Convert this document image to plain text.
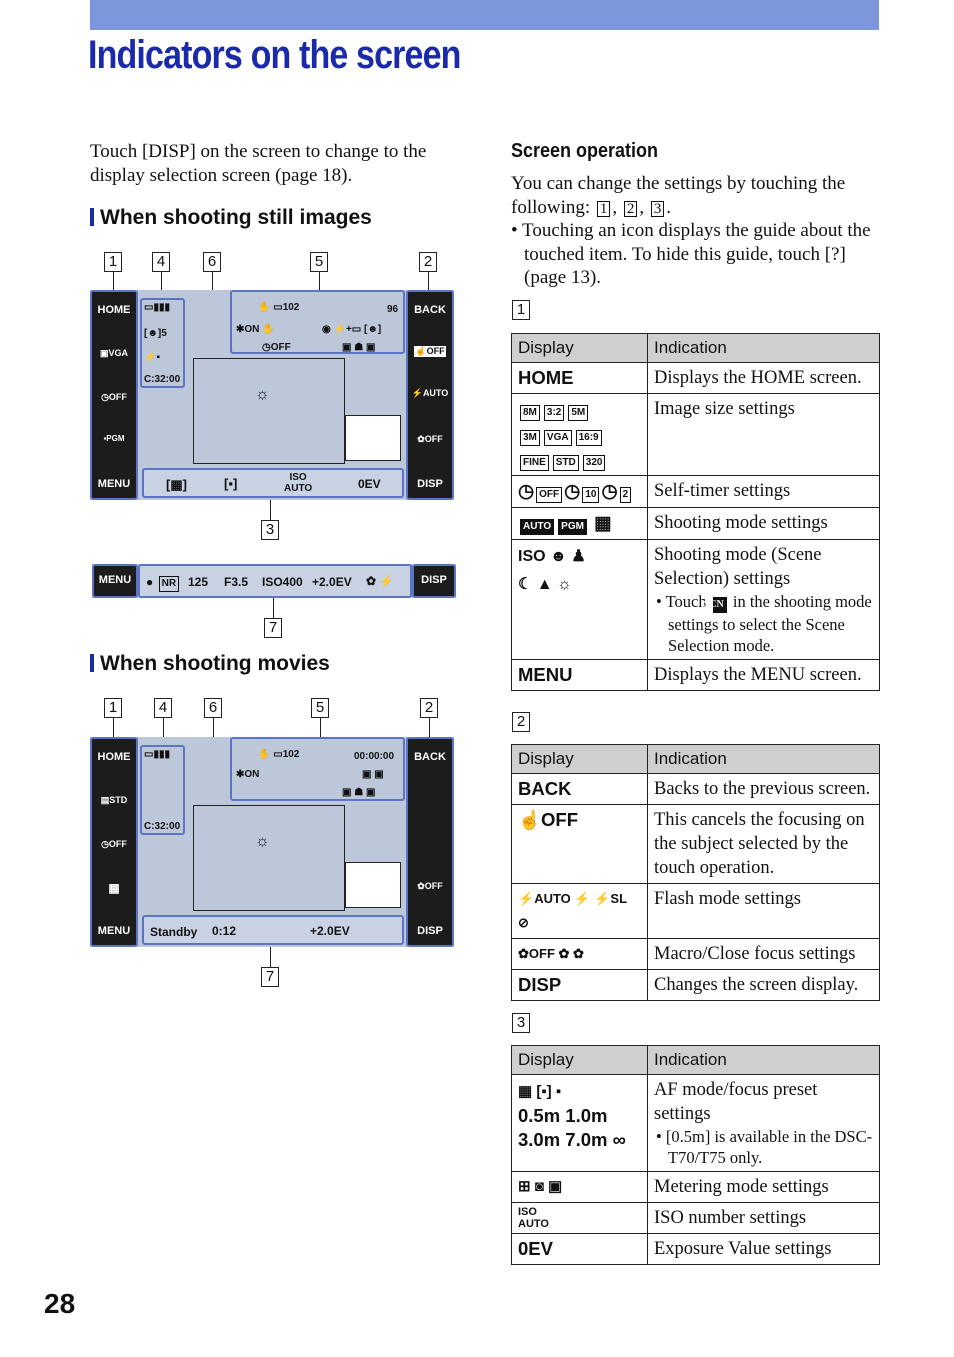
Indicators on the screen
Touch [DISP] on the screen to change to the display selection screen (page 18).
When shooting still images
1	4	6	5	2
HOME
▣VGA
◷OFF
▪PGM
MENU
▭▮▮▮
[☻]5
⚡▪
C:32:00
✋ ▭102	96
✱ON ✋	◉ ⚡+▭ [☻]
◷OFF	▣ ☗ ▣
☼
BACK
☝OFF
⚡AUTO
✿OFF
DISP
[▦]	[▪]	ISO
AUTO	0EV
3
MENU	● NR 125 F3.5 ISO400 +2.0EV ✿ ⚡	DISP
7
When shooting movies
1	4	6	5	2
HOME
▤STD
◷OFF
▦
MENU
▭▮▮▮
C:32:00
✋ ▭102	00:00:00
✱ON	▣ ▣
▣ ☗ ▣
☼
BACK
✿OFF
DISP
Standby 0:12	+2.0EV
7
Screen operation
You can change the settings by touching the following: 1 , 2 , 3 .
• Touching an icon displays the guide about the touched item. To hide this guide, touch [?] (page 13).
1
Display	Indication
HOME	Displays the HOME screen.
8M 3:2 5M
3M VGA 16:9
FINE STD 320	Image size settings
◷ OFF ◷ 10 ◷ 2	Self-timer settings
AUTO PGM ▦	Shooting mode settings
ISO ☻ ♟
☾ ▲ ☼	Shooting mode (Scene Selection) settings
• Touch SCN in the shooting mode settings to select the Scene Selection mode.

MENU	Displays the MENU screen.
2
Display	Indication
BACK	Backs to the previous screen.
☝OFF	This cancels the focusing on the subject selected by the touch operation.
⚡AUTO ⚡ ⚡SL ⊘	Flash mode settings
✿OFF ✿ ✿	Macro/Close focus settings
DISP	Changes the screen display.
3
Display	Indication
▦ [▪] ▪
0.5m 1.0m
3.0m 7.0m ∞	AF mode/focus preset settings
• [0.5m] is available in the DSC-T70/T75 only.

⊞ ◙ ▣	Metering mode settings
ISO
AUTO	ISO number settings
0EV	Exposure Value settings
28
